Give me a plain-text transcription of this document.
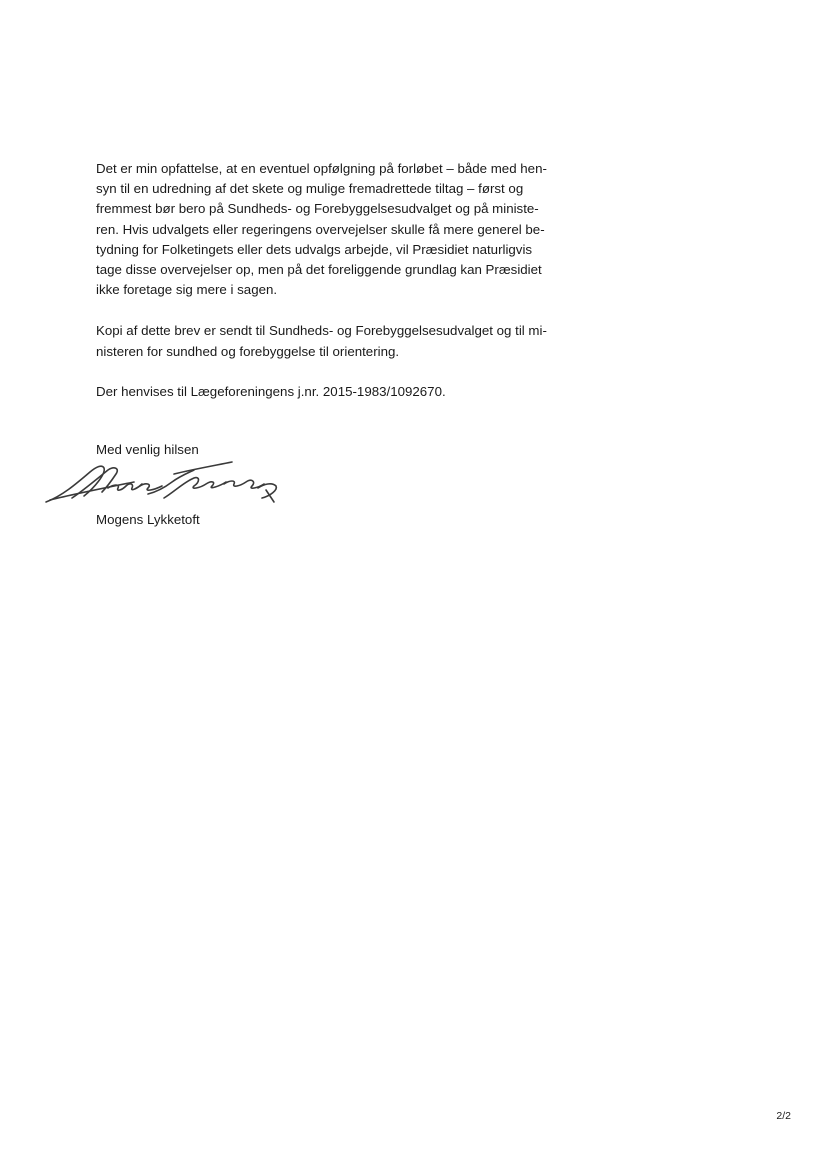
Det er min opfattelse, at en eventuel opfølgning på forløbet – både med hen-
syn til en udredning af det skete og mulige fremadrettede tiltag – først og
fremmest bør bero på Sundheds- og Forebyggelsesudvalget og på ministe-
ren. Hvis udvalgets eller regeringens overvejelser skulle få mere generel be-
tydning for Folketingets eller dets udvalgs arbejde, vil Præsidiet naturligvis
tage disse overvejelser op, men på det foreliggende grundlag kan Præsidiet
ikke foretage sig mere i sagen.

Kopi af dette brev er sendt til Sundheds- og Forebyggelsesudvalget og til mi-
nisteren for sundhed og forebyggelse til orientering.

Der henvises til Lægeforeningens j.nr. 2015-1983/1092670.

Med venlig hilsen

Mogens Lykketoft

2/2
